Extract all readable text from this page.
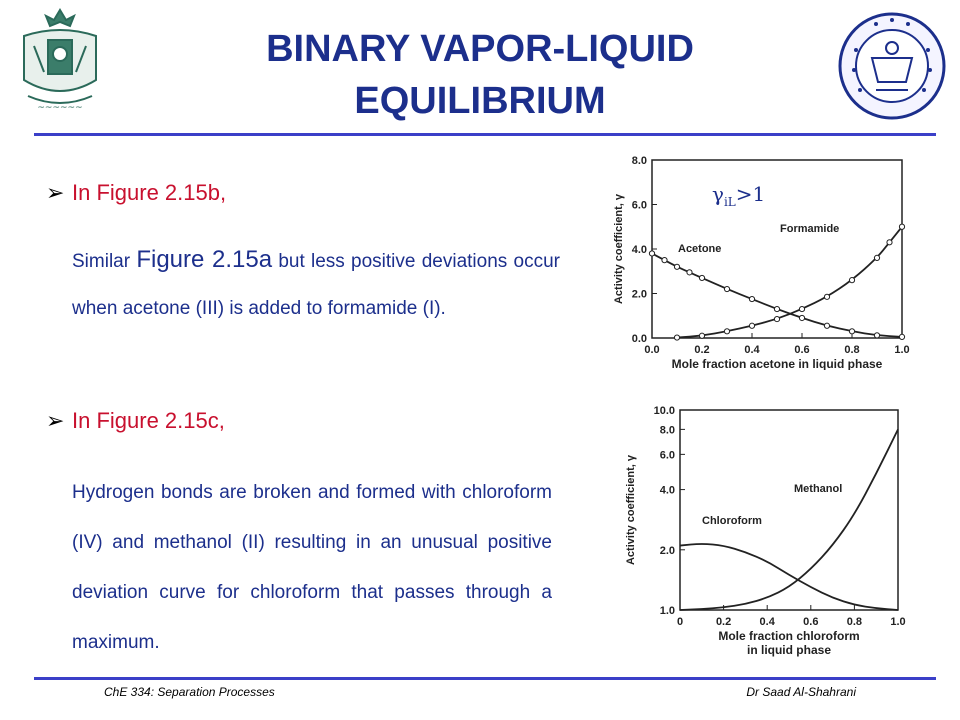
~~~~~~
BINARY VAPOR-LIQUID
EQUILIBRIUM
➢ In Figure 2.15b,
Similar Figure 2.15a but less positive deviations occur when acetone (III) is added to formamide (I).
➢ In Figure 2.15c,
Hydrogen bonds are broken and formed with chloroform (IV) and methanol (II) resulting in an unusual positive deviation curve for chloroform that passes through a maximum.
0.0	0.2	0.4	0.6	0.8	1.0
0.0
2.0
4.0
6.0
8.0
Mole fraction acetone in liquid phase
Activity coefficient, γ	Acetone
Formamide
$\gamma_{iL}>1$
0	0.2	0.4	0.6	0.8	1.0
1.0
2.0
4.0
6.0
8.0
10.0
Mole fraction chloroform
in liquid phase
Activity coefficient, γ	Chloroform
Methanol
ChE 334: Separation Processes	Dr Saad Al-Shahrani
